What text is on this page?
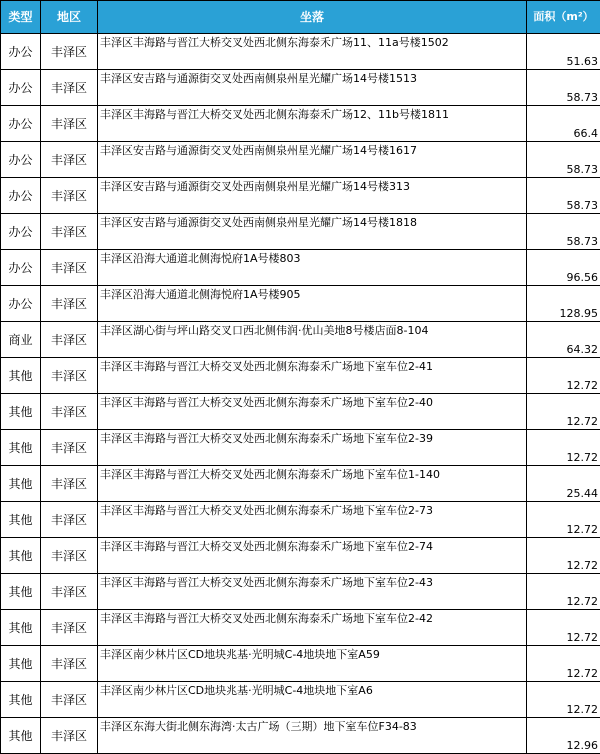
类型	地区	坐落	面积（m²）
办公	丰泽区	丰泽区丰海路与晋江大桥交叉处西北侧东海泰禾广场11、11a号楼1502	51.63
办公	丰泽区	丰泽区安吉路与通源街交叉处西南侧泉州星光耀广场14号楼1513	58.73
办公	丰泽区	丰泽区丰海路与晋江大桥交叉处西北侧东海泰禾广场12、11b号楼1811	66.4
办公	丰泽区	丰泽区安吉路与通源街交叉处西南侧泉州星光耀广场14号楼1617	58.73
办公	丰泽区	丰泽区安吉路与通源街交叉处西南侧泉州星光耀广场14号楼313	58.73
办公	丰泽区	丰泽区安吉路与通源街交叉处西南侧泉州星光耀广场14号楼1818	58.73
办公	丰泽区	丰泽区沿海大通道北侧海悦府1A号楼803	96.56
办公	丰泽区	丰泽区沿海大通道北侧海悦府1A号楼905	128.95
商业	丰泽区	丰泽区湖心街与坪山路交叉口西北侧伟润·优山美地8号楼店面8-104	64.32
其他	丰泽区	丰泽区丰海路与晋江大桥交叉处西北侧东海泰禾广场地下室车位2-41	12.72
其他	丰泽区	丰泽区丰海路与晋江大桥交叉处西北侧东海泰禾广场地下室车位2-40	12.72
其他	丰泽区	丰泽区丰海路与晋江大桥交叉处西北侧东海泰禾广场地下室车位2-39	12.72
其他	丰泽区	丰泽区丰海路与晋江大桥交叉处西北侧东海泰禾广场地下室车位1-140	25.44
其他	丰泽区	丰泽区丰海路与晋江大桥交叉处西北侧东海泰禾广场地下室车位2-73	12.72
其他	丰泽区	丰泽区丰海路与晋江大桥交叉处西北侧东海泰禾广场地下室车位2-74	12.72
其他	丰泽区	丰泽区丰海路与晋江大桥交叉处西北侧东海泰禾广场地下室车位2-43	12.72
其他	丰泽区	丰泽区丰海路与晋江大桥交叉处西北侧东海泰禾广场地下室车位2-42	12.72
其他	丰泽区	丰泽区南少林片区CD地块兆基·光明城C-4地块地下室A59	12.72
其他	丰泽区	丰泽区南少林片区CD地块兆基·光明城C-4地块地下室A6	12.72
其他	丰泽区	丰泽区东海大街北侧东海湾·太古广场（三期）地下室车位F34-83	12.96
